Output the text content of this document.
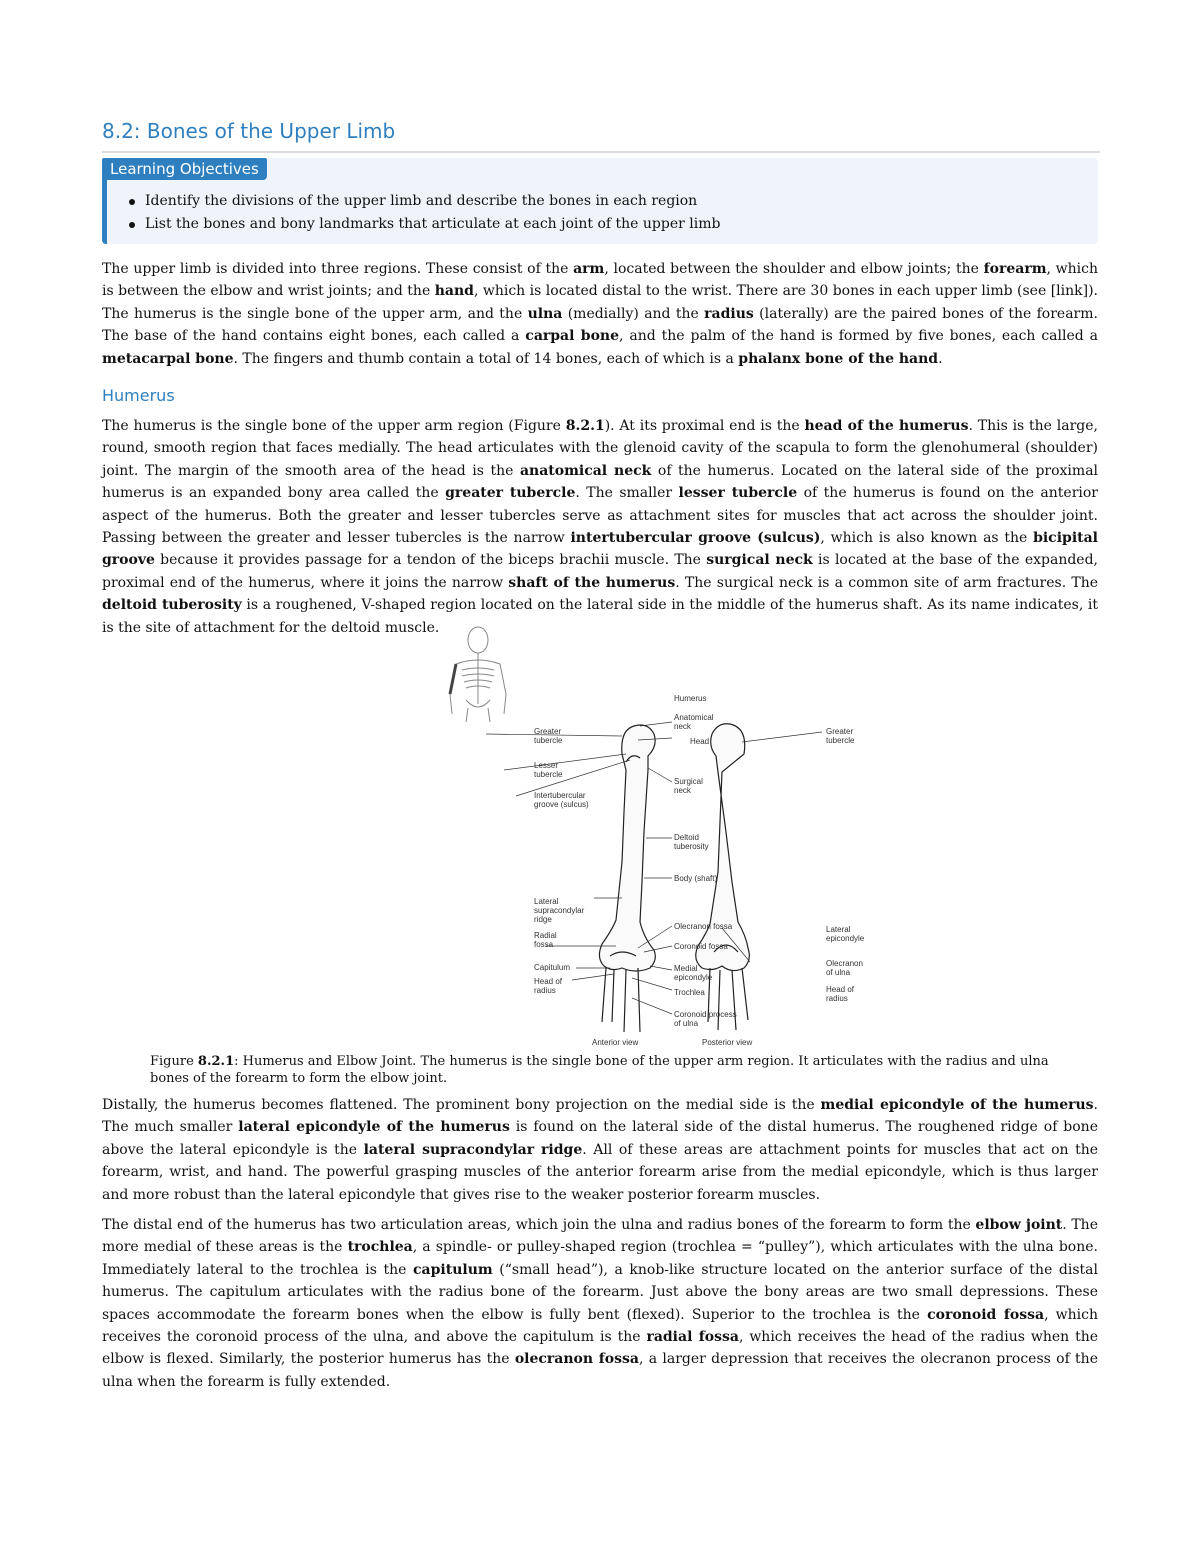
8.2: Bones of the Upper Limb
Learning Objectives
Identify the divisions of the upper limb and describe the bones in each region
List the bones and bony landmarks that articulate at each joint of the upper limb

The upper limb is divided into three regions. These consist of the arm, located between the shoulder and elbow joints; the forearm, which is between the elbow and wrist joints; and the hand, which is located distal to the wrist. There are 30 bones in each upper limb (see [link]). The humerus is the single bone of the upper arm, and the ulna (medially) and the radius (laterally) are the paired bones of the forearm. The base of the hand contains eight bones, each called a carpal bone, and the palm of the hand is formed by five bones, each called a metacarpal bone. The fingers and thumb contain a total of 14 bones, each of which is a phalanx bone of the hand.

Humerus

The humerus is the single bone of the upper arm region (Figure 8.2.1). At its proximal end is the head of the humerus. This is the large, round, smooth region that faces medially. The head articulates with the glenoid cavity of the scapula to form the glenohumeral (shoulder) joint. The margin of the smooth area of the head is the anatomical neck of the humerus. Located on the lateral side of the proximal humerus is an expanded bony area called the greater tubercle. The smaller lesser tubercle of the humerus is found on the anterior aspect of the humerus. Both the greater and lesser tubercles serve as attachment sites for muscles that act across the shoulder joint. Passing between the greater and lesser tubercles is the narrow intertubercular groove (sulcus), which is also known as the bicipital groove because it provides passage for a tendon of the biceps brachii muscle. The surgical neck is located at the base of the expanded, proximal end of the humerus, where it joins the narrow shaft of the humerus. The surgical neck is a common site of arm fractures. The deltoid tuberosity is a roughened, V-shaped region located on the lateral side in the middle of the humerus shaft. As its name indicates, it is the site of attachment for the deltoid muscle.

Humerus
Anatomical
neck
Head
Greater
tubercle
Greater
tubercle
Lesser
tubercle
Surgical
neck
Intertubercular
groove (sulcus)
Deltoid
tuberosity
Body (shaft)
Lateral
supracondylar
ridge
Olecranon fossa
Coronoid fossa
Radial
fossa
Lateral
epicondyle
Capitulum	Medial
epicondyle
Olecranon
of ulna
Head of
radius	Head of
radius
Trochlea
Coronoid process
of ulna
Anterior view	Posterior view
Figure 8.2.1: Humerus and Elbow Joint. The humerus is the single bone of the upper arm region. It articulates with the radius and ulna bones of the forearm to form the elbow joint.

Distally, the humerus becomes flattened. The prominent bony projection on the medial side is the medial epicondyle of the humerus. The much smaller lateral epicondyle of the humerus is found on the lateral side of the distal humerus. The roughened ridge of bone above the lateral epicondyle is the lateral supracondylar ridge. All of these areas are attachment points for muscles that act on the forearm, wrist, and hand. The powerful grasping muscles of the anterior forearm arise from the medial epicondyle, which is thus larger and more robust than the lateral epicondyle that gives rise to the weaker posterior forearm muscles.

The distal end of the humerus has two articulation areas, which join the ulna and radius bones of the forearm to form the elbow joint. The more medial of these areas is the trochlea, a spindle- or pulley-shaped region (trochlea = “pulley”), which articulates with the ulna bone. Immediately lateral to the trochlea is the capitulum (“small head”), a knob-like structure located on the anterior surface of the distal humerus. The capitulum articulates with the radius bone of the forearm. Just above the bony areas are two small depressions. These spaces accommodate the forearm bones when the elbow is fully bent (flexed). Superior to the trochlea is the coronoid fossa, which receives the coronoid process of the ulna, and above the capitulum is the radial fossa, which receives the head of the radius when the elbow is flexed. Similarly, the posterior humerus has the olecranon fossa, a larger depression that receives the olecranon process of the ulna when the forearm is fully extended.
